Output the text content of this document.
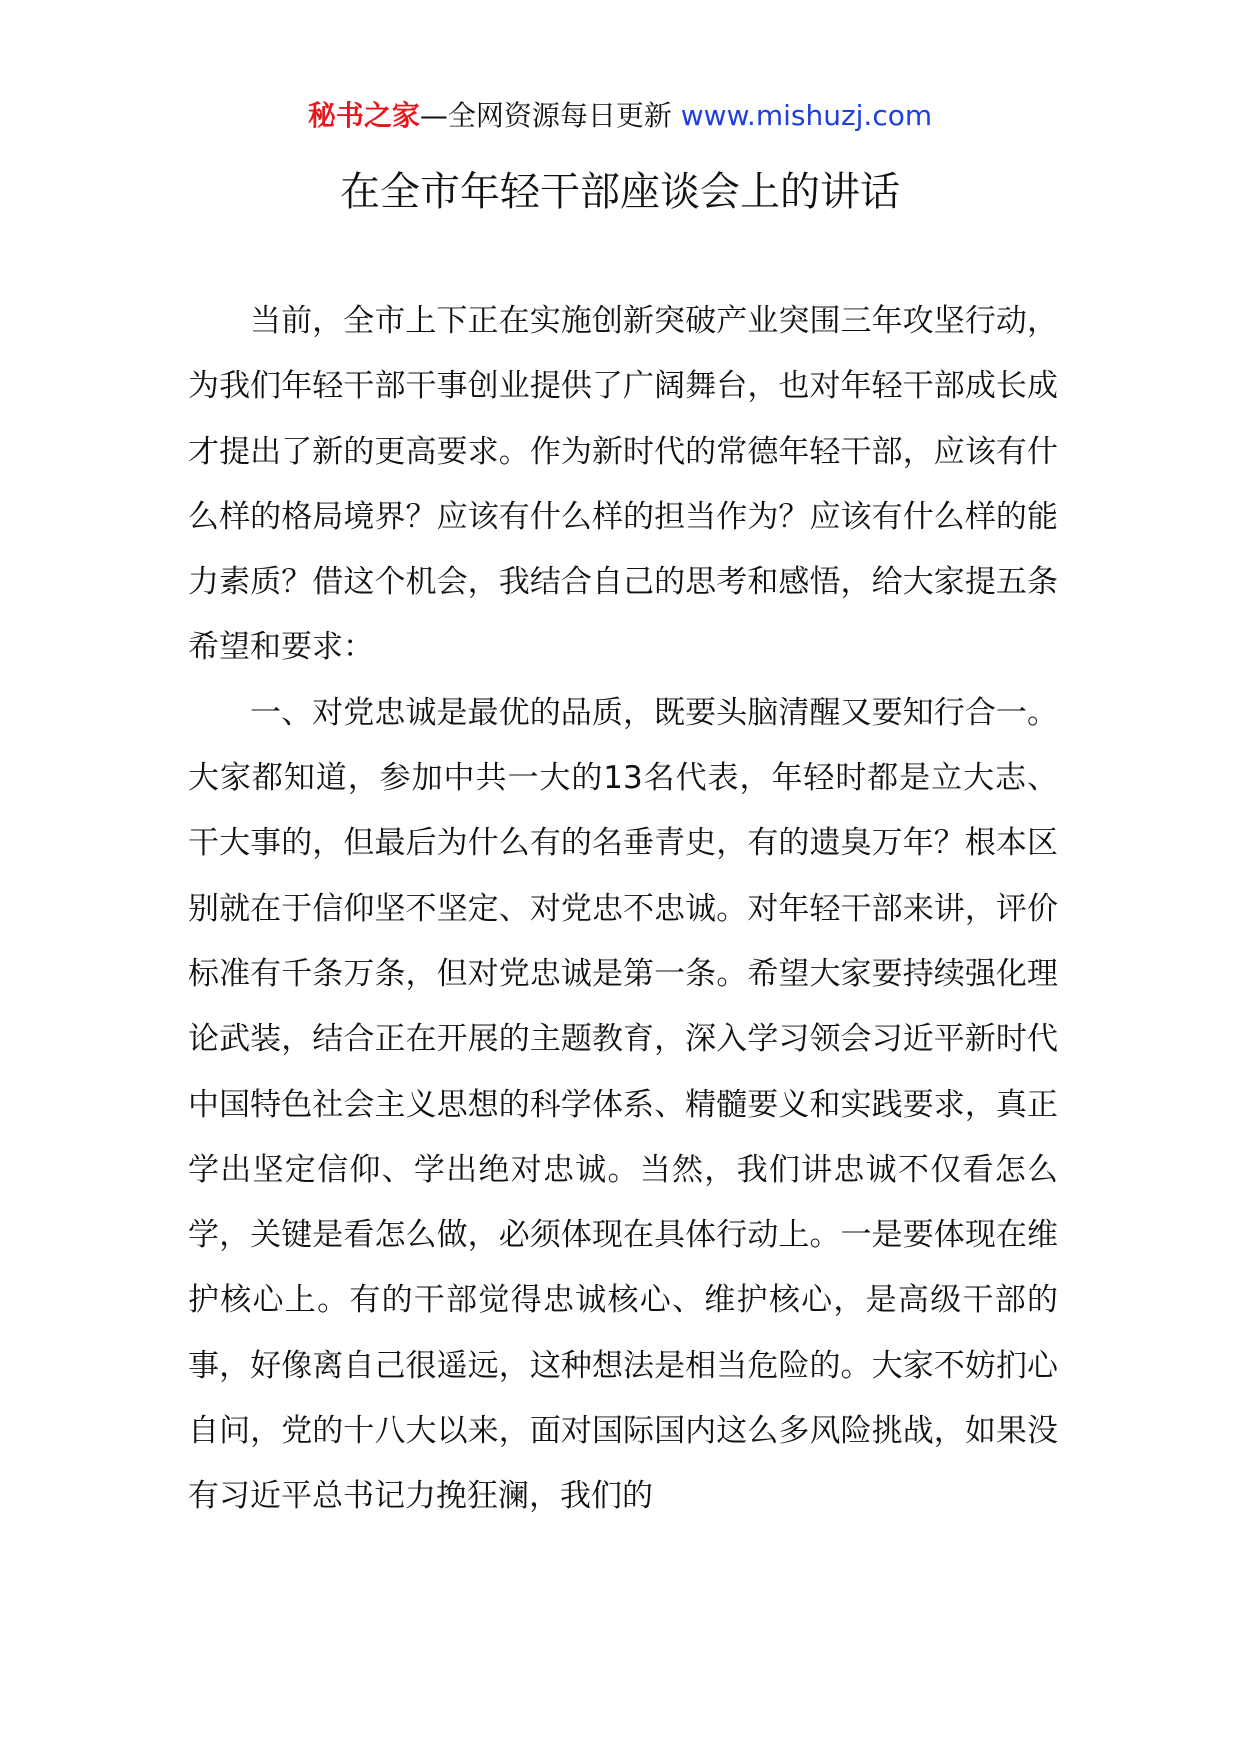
秘书之家—全网资源每日更新 www.mishuzj.com
在全市年轻干部座谈会上的讲话

当前，全市上下正在实施创新突破产业突围三年攻坚行动，为我们年轻干部干事创业提供了广阔舞台，也对年轻干部成长成才提出了新的更高要求。作为新时代的常德年轻干部，应该有什么样的格局境界？应该有什么样的担当作为？应该有什么样的能力素质？借这个机会，我结合自己的思考和感悟，给大家提五条希望和要求：

一、对党忠诚是最优的品质，既要头脑清醒又要知行合一。大家都知道，参加中共一大的13名代表，年轻时都是立大志、干大事的，但最后为什么有的名垂青史，有的遗臭万年？根本区别就在于信仰坚不坚定、对党忠不忠诚。对年轻干部来讲，评价标准有千条万条，但对党忠诚是第一条。希望大家要持续强化理论武装，结合正在开展的主题教育，深入学习领会习近平新时代中国特色社会主义思想的科学体系、精髓要义和实践要求，真正学出坚定信仰、学出绝对忠诚。当然，我们讲忠诚不仅看怎么学，关键是看怎么做，必须体现在具体行动上。一是要体现在维护核心上。有的干部觉得忠诚核心、维护核心，是高级干部的事，好像离自己很遥远，这种想法是相当危险的。大家不妨扪心自问，党的十八大以来，面对国际国内这么多风险挑战，如果没有习近平总书记力挽狂澜，我们的
